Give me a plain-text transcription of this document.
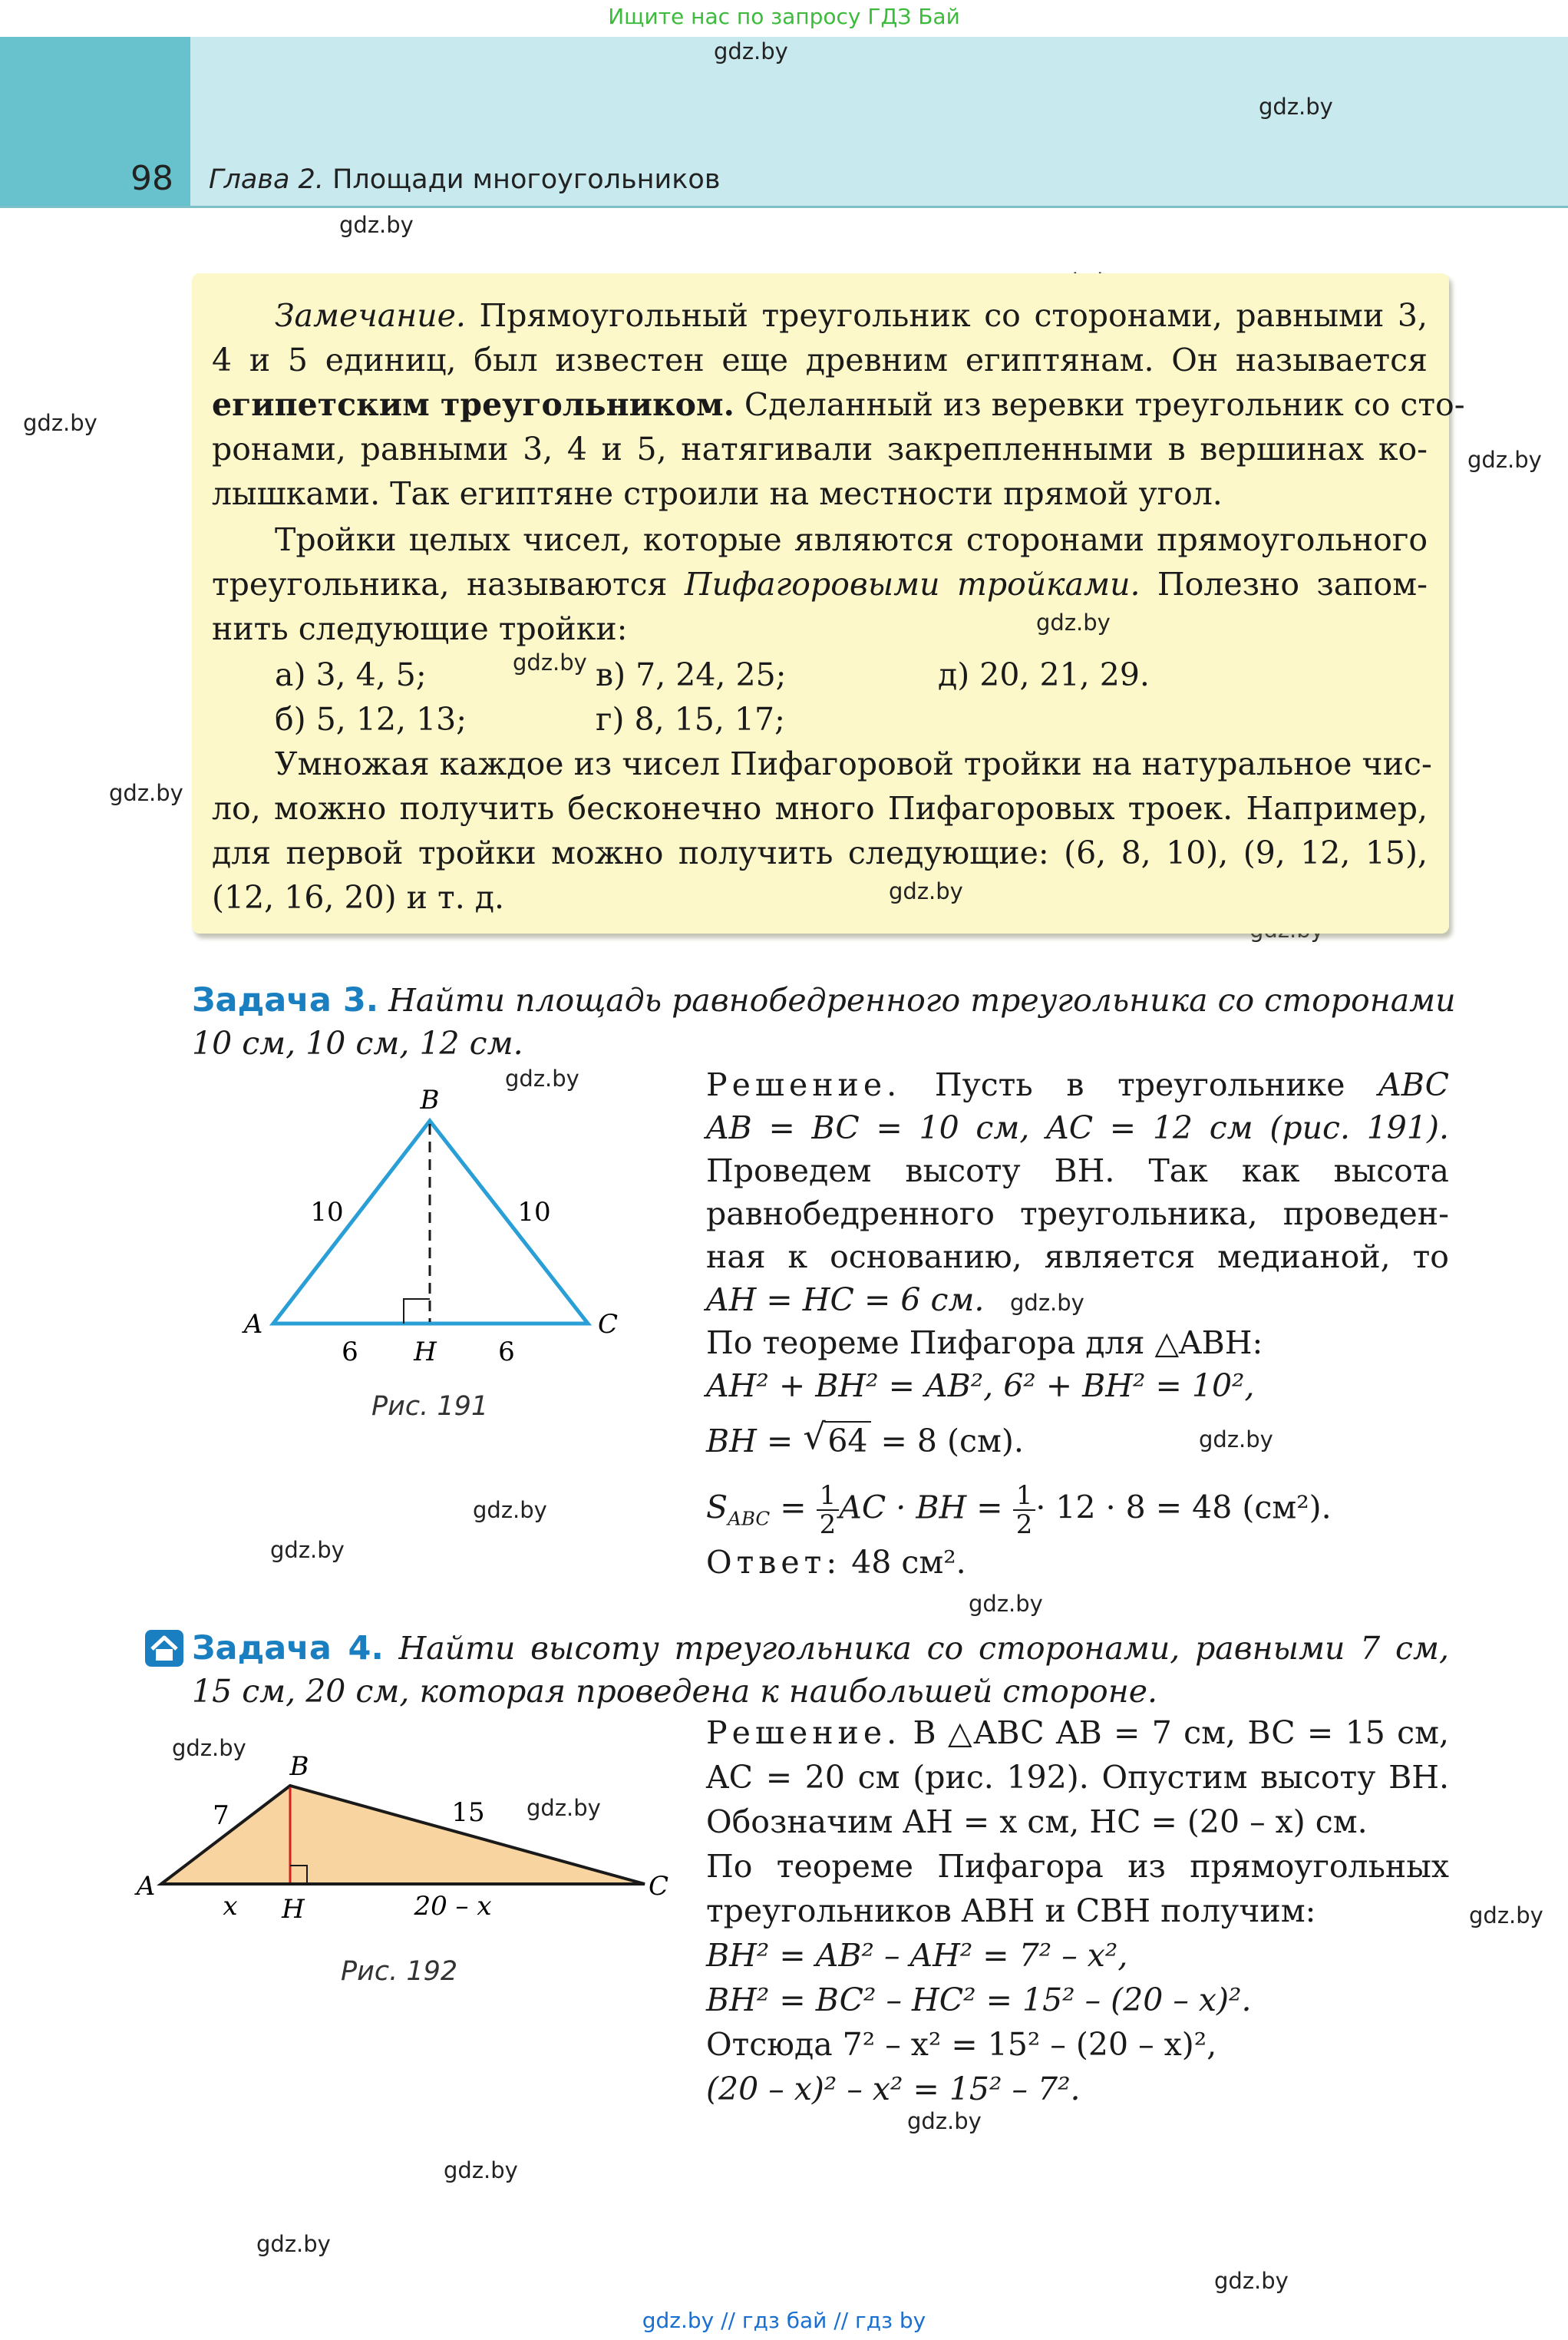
Ищите нас по запросу ГДЗ Бай
98 Глава 2. Площади многоугольников
gdz.by
gdz.by
gdz.by
gdz.by
gdz.by
gdz.by
Замечание. Прямоугольный треугольник со сторонами, равными 3,
4 и 5 единиц, был известен еще древним египтянам. Он называется
египетским треугольником. Сделанный из веревки треугольник со сто-
ронами, равными 3, 4 и 5, натягивали закрепленными в вершинах ко-
лышками. Так египтяне строили на местности прямой угол.
Тройки целых чисел, которые являются сторонами прямоугольного
треугольника, называются Пифагоровыми тройками. Полезно запом-
нить следующие тройки:
а) 3, 4, 5;	в) 7, 24, 25;	д) 20, 21, 29.
б) 5, 12, 13;	г) 8, 15, 17;
Умножая каждое из чисел Пифагоровой тройки на натуральное чис-
ло, можно получить бесконечно много Пифагоровых троек. Например,
для первой тройки можно получить следующие: (6, 8, 10), (9, 12, 15),
(12, 16, 20) и т. д.
gdz.by
gdz.by
gdz.by
Задача 3. Найти площадь равнобедренного треугольника со сторонами
10 см, 10 см, 12 см.
gdz.by
B
A	C
H
10	10
6	6
Рис. 191
gdz.by
gdz.by
Решение. Пусть в треугольнике ABC
AB = BC = 10 см, AC = 12 см (рис. 191).
Проведем высоту BH. Так как высота
равнобедренного треугольника, проведен-
ная к основанию, является медианой, то
AH = HC = 6 см. gdz.by
По теореме Пифагора для △ABH:
AH² + BH² = AB², 6² + BH² = 10²,
BH = √ 64 = 8 (см).	gdz.by
$S_{ABC} = \frac{1}{2}$ AC · BH = $\frac{1}{2} \cdot 12 \cdot 8 = 48$ (см²).
Ответ: 48 см².
gdz.by
Задача 4. Найти высоту треугольника со сторонами, равными 7 см,
15 см, 20 см, которая проведена к наибольшей стороне.
gdz.by
gdz.by
B
A	C
H
7	15
x	20 – x
Рис. 192
Решение. В △ABC AB = 7 см, BC = 15 см,
AC = 20 см (рис. 192). Опустим высоту BH.
Обозначим AH = x см, HC = (20 – x) см.
По теореме Пифагора из прямоугольных
треугольников ABH и CBH получим:
BH² = AB² – AH² = 7² – x²,
BH² = BC² – HC² = 15² – (20 – x)².
Отсюда 7² – x² = 15² – (20 – x)²,
(20 – x)² – x² = 15² – 7².
gdz.by
gdz.by
gdz.by
gdz.by
gdz.by
gdz.by // гдз бай // гдз by
